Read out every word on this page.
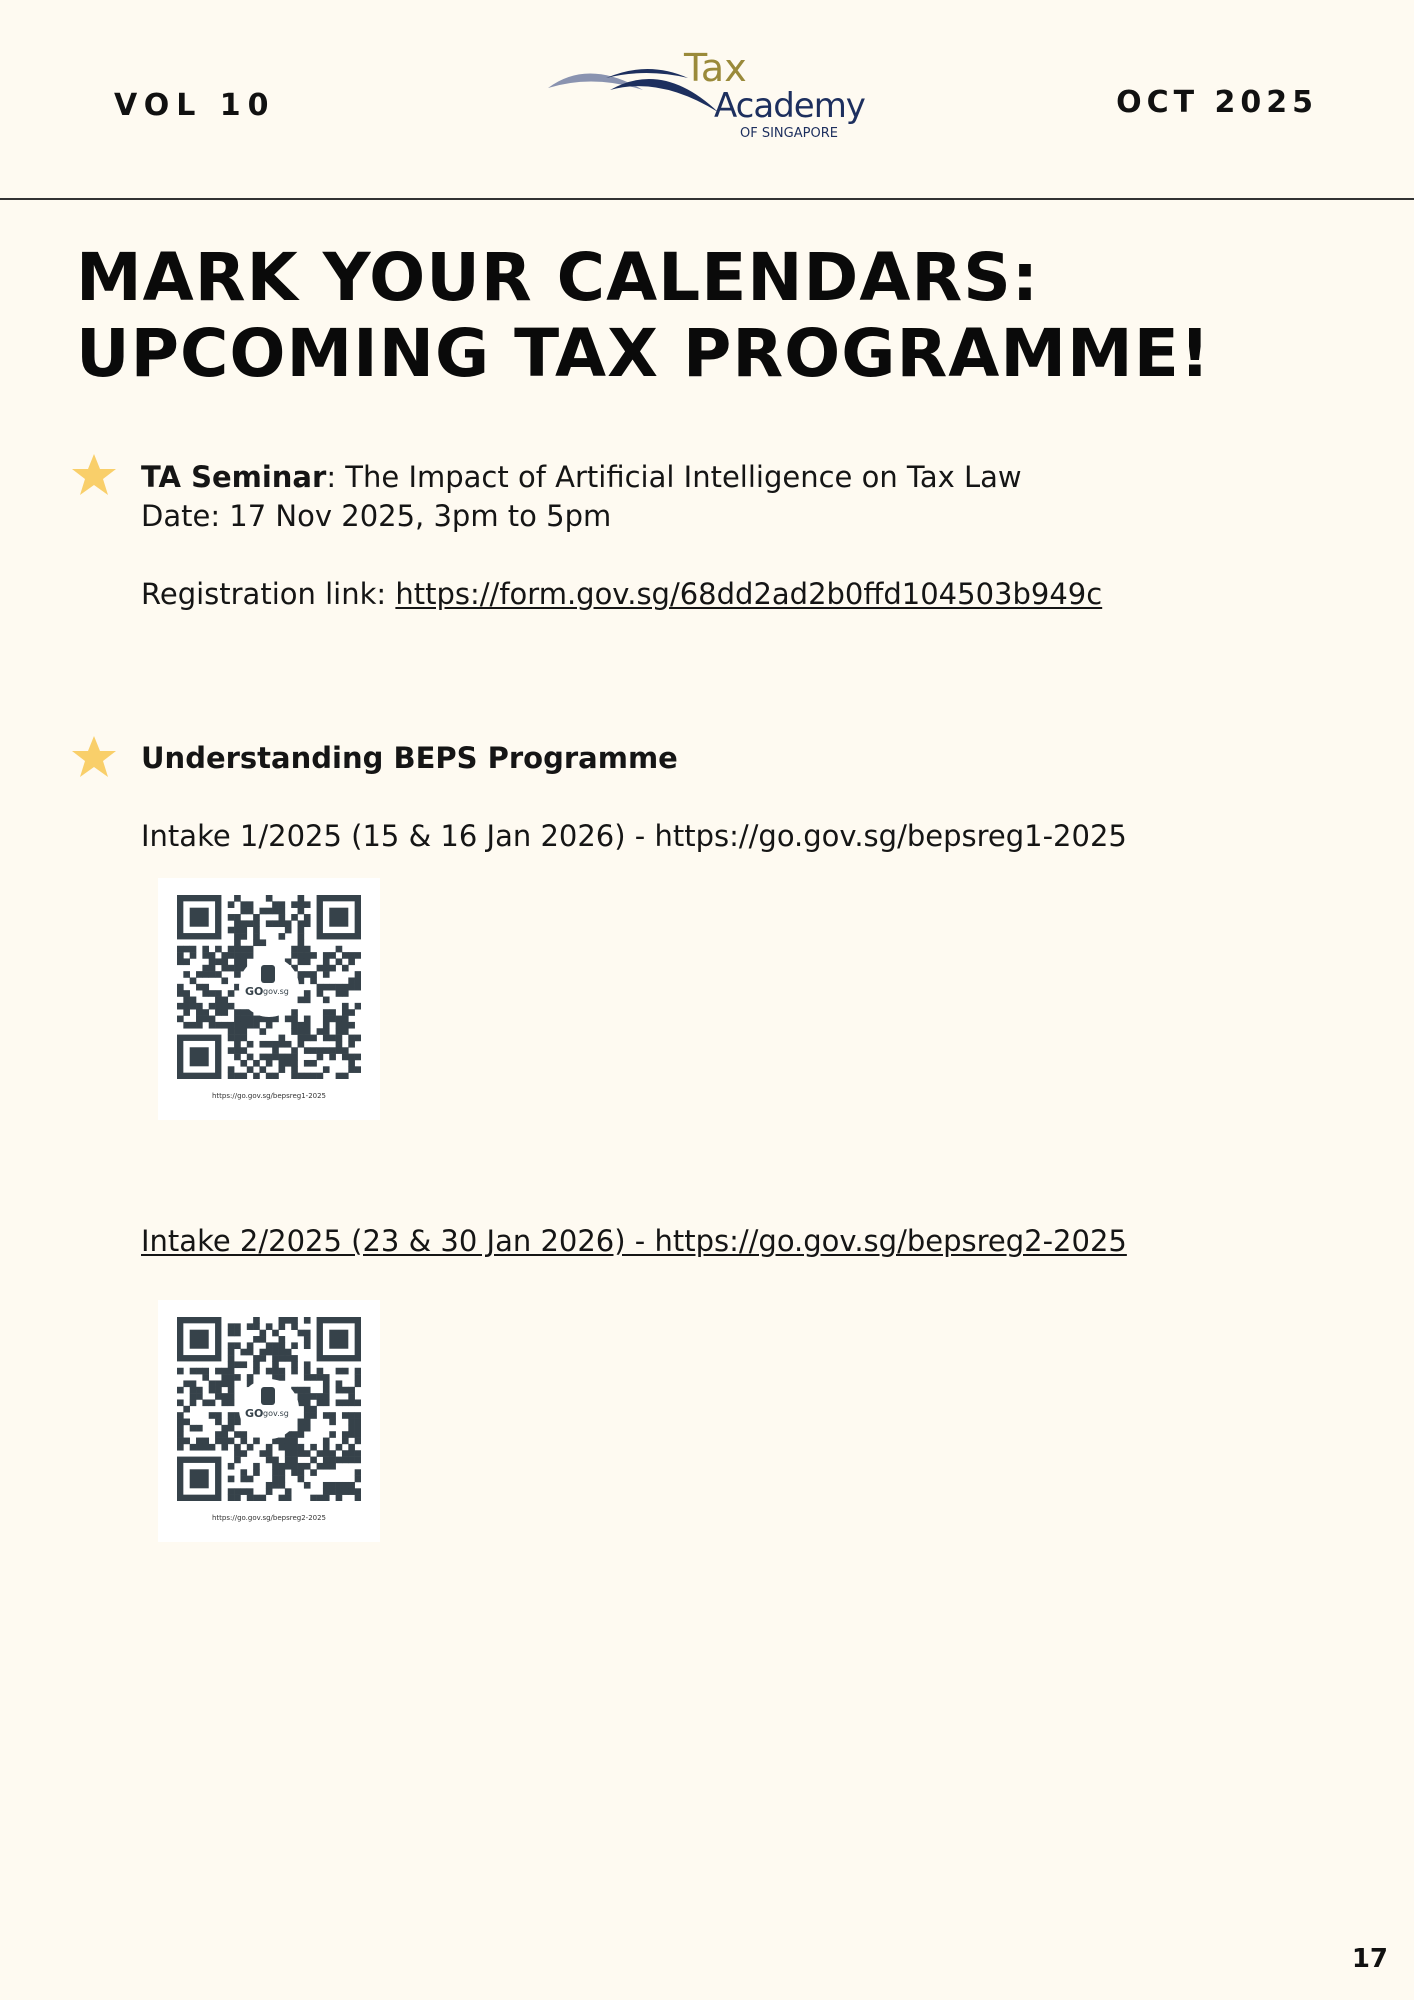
VOL 10
Tax
Academy
OF SINGAPORE
OCT 2025
MARK YOUR CALENDARS:
UPCOMING TAX PROGRAMME!
TA Seminar: The Impact of Artificial Intelligence on Tax Law
Date: 17 Nov 2025, 3pm to 5pm
Registration link: https://form.gov.sg/68dd2ad2b0ffd104503b949c
Understanding BEPS Programme
Intake 1/2025 (15 & 16 Jan 2026) - https://go.gov.sg/bepsreg1-2025
https://go.gov.sg/bepsreg1-2025
GO gov.sg
Intake 2/2025 (23 & 30 Jan 2026) - https://go.gov.sg/bepsreg2-2025
https://go.gov.sg/bepsreg2-2025
GO gov.sg
17
